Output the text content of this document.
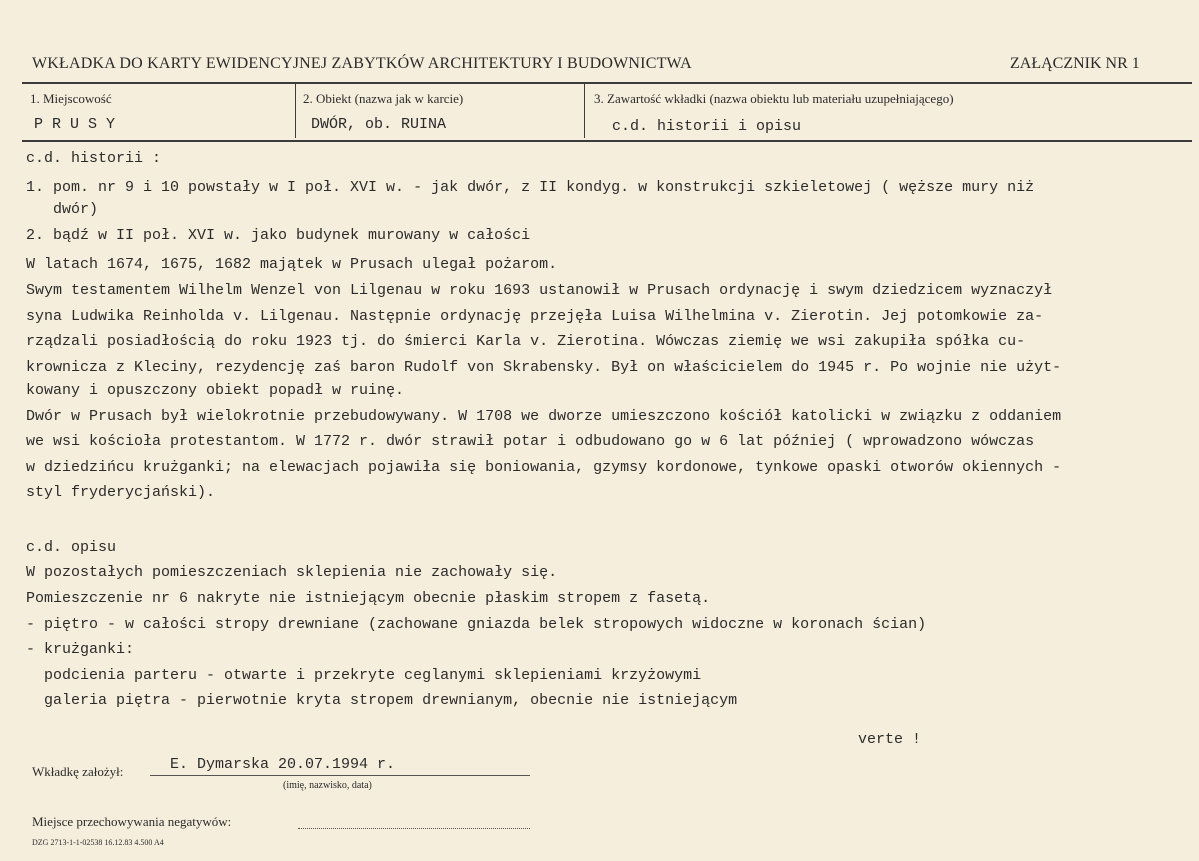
WKŁADKA DO KARTY EWIDENCYJNEJ ZABYTKÓW ARCHITEKTURY I BUDOWNICTWA	ZAŁĄCZNIK NR 1
1. Miejscowość	2. Obiekt (nazwa jak w karcie)	3. Zawartość wkładki (nazwa obiektu lub materiału uzupełniającego)
P R U S Y	DWÓR, ob. RUINA	c.d. historii i opisu
c.d. historii :
1. pom. nr 9 i 10 powstały w I poł. XVI w. - jak dwór, z II kondyg. w konstrukcji szkieletowej ( węższe mury niż
dwór)
2. bądź w II poł. XVI w. jako budynek murowany w całości
W latach 1674, 1675, 1682 majątek w Prusach ulegał pożarom.
Swym testamentem Wilhelm Wenzel von Lilgenau w roku 1693 ustanowił w Prusach ordynację i swym dziedzicem wyznaczył
syna Ludwika Reinholda v. Lilgenau. Następnie ordynację przejęła Luisa Wilhelmina v. Zierotin. Jej potomkowie za-
rządzali posiadłością do roku 1923 tj. do śmierci Karla v. Zierotina. Wówczas ziemię we wsi zakupiła spółka cu-
krownicza z Kleciny, rezydencję zaś baron Rudolf von Skrabensky. Był on właścicielem do 1945 r. Po wojnie nie użyt-
kowany i opuszczony obiekt popadł w ruinę.
Dwór w Prusach był wielokrotnie przebudowywany. W 1708 we dworze umieszczono kościół katolicki w związku z oddaniem
we wsi kościoła protestantom. W 1772 r. dwór strawił potar i odbudowano go w 6 lat później ( wprowadzono wówczas
w dziedzińcu krużganki; na elewacjach pojawiła się boniowania, gzymsy kordonowe, tynkowe opaski otworów okiennych -
styl fryderycjański).
c.d. opisu
W pozostałych pomieszczeniach sklepienia nie zachowały się.
Pomieszczenie nr 6 nakryte nie istniejącym obecnie płaskim stropem z fasetą.
- piętro - w całości stropy drewniane (zachowane gniazda belek stropowych widoczne w koronach ścian)
- krużganki:
podcienia parteru - otwarte i przekryte ceglanymi sklepieniami krzyżowymi
galeria piętra - pierwotnie kryta stropem drewnianym, obecnie nie istniejącym
verte !
Wkładkę założył:	E. Dymarska 20.07.1994 r.
(imię, nazwisko, data)
Miejsce przechowywania negatywów:
DZG 2713-1-1-02538 16.12.83 4.500 A4
